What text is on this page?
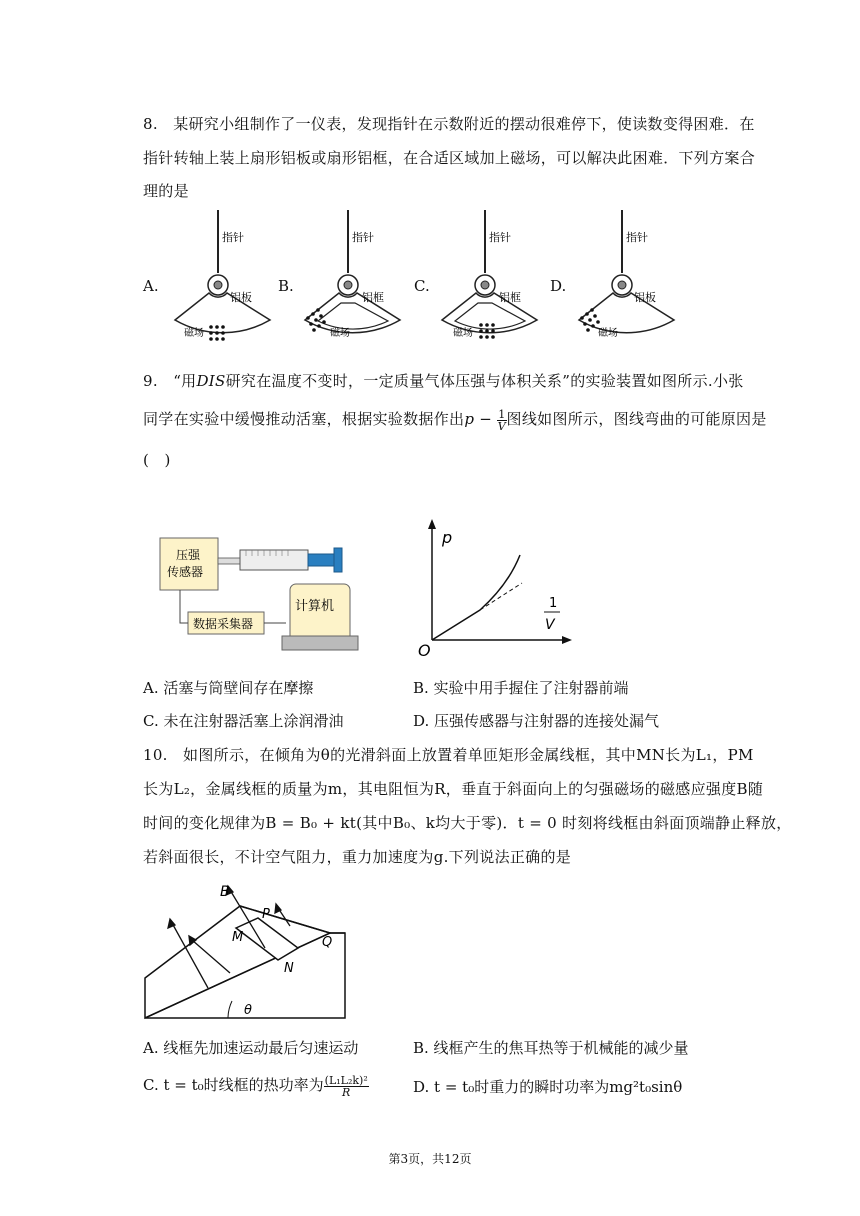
8.　某研究小组制作了一仪表，发现指针在示数附近的摆动很难停下，使读数变得困难．在
指针转轴上装上扇形铝板或扇形铝框，在合适区域加上磁场，可以解决此困难．下列方案合
理的是
A.	B.	C.	D.
指针
铝板
磁场
指针
铝框
磁场
指针
铝框
磁场
指针
铝板
磁场
9.　“用DIS研究在温度不变时，一定质量气体压强与体积关系”的实验装置如图所示.小张
同学在实验中缓慢推动活塞，根据实验数据作出$p - \frac{1}{V}$ 图线如图所示，图线弯曲的可能原因是
(　)
压强
传感器
数据采集器
计算机
p
1
V
O
A. 活塞与筒壁间存在摩擦	B. 实验中用手握住了注射器前端
C. 未在注射器活塞上涂润滑油	D. 压强传感器与注射器的连接处漏气
10.　如图所示，在倾角为θ的光滑斜面上放置着单匝矩形金属线框，其中MN长为L₁，PM
长为L₂，金属线框的质量为m，其电阻恒为R，垂直于斜面向上的匀强磁场的磁感应强度B随
时间的变化规律为B = B₀ + kt(其中B₀、k均大于零)．t = 0 时刻将线框由斜面顶端静止释放，
若斜面很长，不计空气阻力，重力加速度为g.下列说法正确的是
B
P
M
N
Q
θ
A. 线框先加速运动最后匀速运动	B. 线框产生的焦耳热等于机械能的减少量
C. t = t₀时线框的热功率为 $\frac{\text{(L₁L₂k)²}}{R}$	D. t = t₀时重力的瞬时功率为mg²t₀sinθ
第3页，共12页
